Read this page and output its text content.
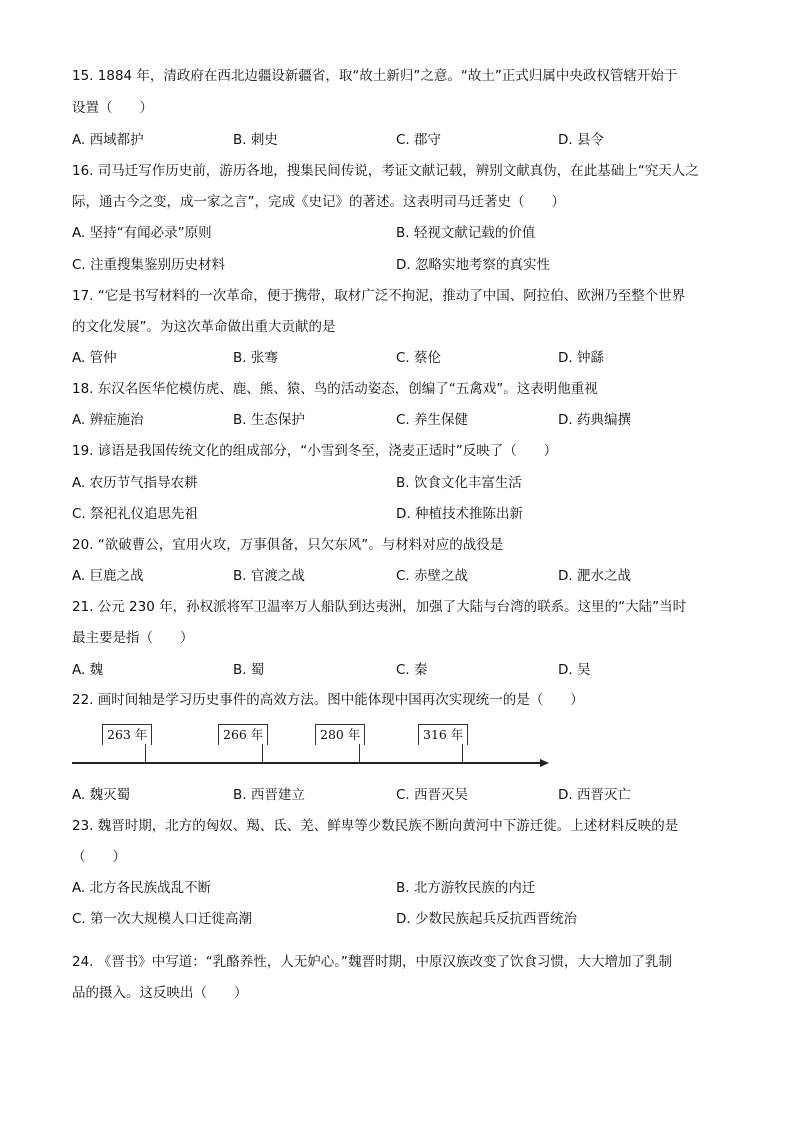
15. 1884 年，清政府在西北边疆设新疆省，取“故土新归”之意。“故土”正式归属中央政权管辖开始于
设置（　　）
A. 西域都护	B. 刺史	C. 郡守	D. 县令
16. 司马迁写作历史前，游历各地，搜集民间传说，考证文献记载，辨别文献真伪，在此基础上“究天人之
际，通古今之变，成一家之言”，完成《史记》的著述。这表明司马迁著史（　　）
A. 坚持“有闻必录”原则	B. 轻视文献记载的价值
C. 注重搜集鉴别历史材料	D. 忽略实地考察的真实性
17. “它是书写材料的一次革命，便于携带，取材广泛不拘泥，推动了中国、阿拉伯、欧洲乃至整个世界
的文化发展”。为这次革命做出重大贡献的是
A. 管仲	B. 张骞	C. 蔡伦	D. 钟繇
18. 东汉名医华佗模仿虎、鹿、熊、猿、鸟的活动姿态，创编了“五禽戏”。这表明他重视
A. 辨症施治	B. 生态保护	C. 养生保健	D. 药典编撰
19. 谚语是我国传统文化的组成部分，“小雪到冬至，浇麦正适时”反映了（　　）
A. 农历节气指导农耕	B. 饮食文化丰富生活
C. 祭祀礼仪追思先祖	D. 种植技术推陈出新
20. “欲破曹公，宜用火攻，万事俱备，只欠东风”。与材料对应的战役是
A. 巨鹿之战	B. 官渡之战	C. 赤壁之战	D. 淝水之战
21. 公元 230 年，孙权派将军卫温率万人船队到达夷洲，加强了大陆与台湾的联系。这里的“大陆”当时
最主要是指（　　）
A. 魏	B. 蜀	C. 秦	D. 吴
22. 画时间轴是学习历史事件的高效方法。图中能体现中国再次实现统一的是（　　）
263 年	266 年	280 年	316 年
A. 魏灭蜀	B. 西晋建立	C. 西晋灭吴	D. 西晋灭亡
23. 魏晋时期，北方的匈奴、羯、氐、羌、鲜卑等少数民族不断向黄河中下游迁徙。上述材料反映的是
（　　）
A. 北方各民族战乱不断	B. 北方游牧民族的内迁
C. 第一次大规模人口迁徙高潮	D. 少数民族起兵反抗西晋统治
24. 《晋书》中写道：“乳酪养性，人无妒心。”魏晋时期，中原汉族改变了饮食习惯，大大增加了乳制
品的摄入。这反映出（　　）
